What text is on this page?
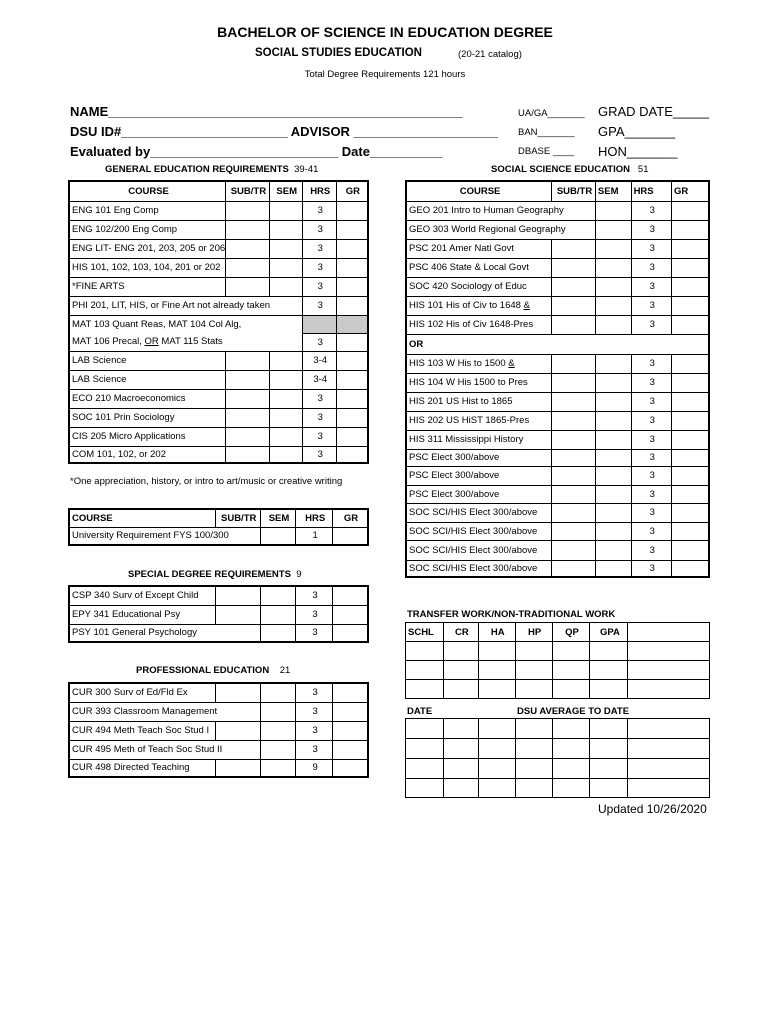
BACHELOR OF SCIENCE IN EDUCATION DEGREE
SOCIAL STUDIES EDUCATION	(20-21 catalog)
Total Degree Requirements 121 hours
NAME_________________________________________________
DSU ID#_______________________ ADVISOR ____________________
Evaluated by__________________________ Date__________
UA/GA_______
BAN_______
DBASE ____
GRAD DATE_____
GPA_______
HON_______
GENERAL EDUCATION REQUIREMENTS 39-41
COURSE	SUB/TR	SEM	HRS	GR
ENG 101 Eng Comp			3	
ENG 102/200 Eng Comp			3	
ENG LIT- ENG 201, 203, 205 or 206			3	
HIS 101, 102, 103, 104, 201 or 202			3	
*FINE ARTS			3	
PHI 201, LIT, HIS, or Fine Art not already taken			3	
MAT 103 Quant Reas, MAT 104 Col Alg,				
MAT 106 Precal, OR MAT 115 Stats			3	
LAB Science			3-4	
LAB Science			3-4	
ECO 210 Macroeconomics			3	
SOC 101 Prin Sociology			3	
CIS 205 Micro Applications			3	
COM 101, 102, or 202			3	
*One appreciation, history, or intro to art/music or creative writing
COURSE	SUB/TR	SEM	HRS	GR
University Requirement FYS 100/300			1	
SPECIAL DEGREE REQUIREMENTS 9
CSP 340 Surv of Except Child			3	
EPY 341 Educational Psy			3	
PSY 101 General Psychology			3	
PROFESSIONAL EDUCATION 21
CUR 300 Surv of Ed/Fld Ex			3	
CUR 393 Classroom Management			3	
CUR 494 Meth Teach Soc Stud I			3	
CUR 495 Meth of Teach Soc Stud II			3	
CUR 498 Directed Teaching			9	
SOCIAL SCIENCE EDUCATION 51
COURSE	SUB/TR	SEM	HRS	GR
GEO 201 Intro to Human Geography			3	
GEO 303 World Regional Geography			3	
PSC 201 Amer Natl Govt			3	
PSC 406 State & Local Govt			3	
SOC 420 Sociology of Educ			3	
HIS 101 His of Civ to 1648 &			3	
HIS 102 His of Civ 1648-Pres			3	
OR				
HIS 103 W His to 1500 &			3	
HIS 104 W His 1500 to Pres			3	
HIS 201 US Hist to 1865			3	
HIS 202 US HiST 1865-Pres			3	
HIS 311 Mississippi History			3	
PSC Elect 300/above			3	
PSC Elect 300/above			3	
PSC Elect 300/above			3	
SOC SCI/HIS Elect 300/above			3	
SOC SCI/HIS Elect 300/above			3	
SOC SCI/HIS Elect 300/above			3	
SOC SCI/HIS Elect 300/above			3	
TRANSFER WORK/NON-TRADITIONAL WORK
SCHL	CR	HA	HP	QP	GPA	

DATE	DSU AVERAGE TO DATE

Updated 10/26/2020
